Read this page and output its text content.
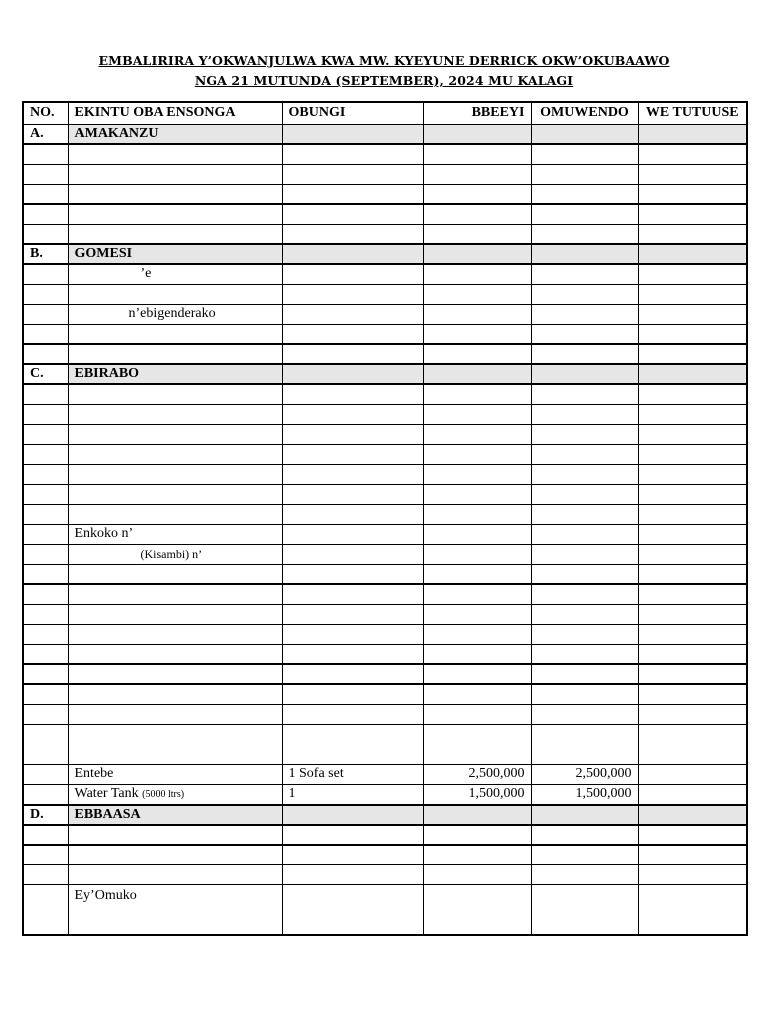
EMBALIRIRA Y’OKWANJULWA KWA MW. KYEYUNE DERRICK OKW’OKUBAAWO
NGA 21 MUTUNDA (SEPTEMBER), 2024 MU KALAGI
NO.	EKINTU OBA ENSONGA	OBUNGI	BBEEYI	OMUWENDO	WE TUTUUSE
A.	AMAKANZU				

B.	GOMESI				
	’e				

	n’ebigenderako				

C.	EBIRABO				

	Enkoko n’				
	(Kisambi) n’				

	Entebe	1 Sofa set	2,500,000	2,500,000	
	Water Tank (5000 ltrs)	1	1,500,000	1,500,000	
D.	EBBAASA				

	Ey’Omuko				
